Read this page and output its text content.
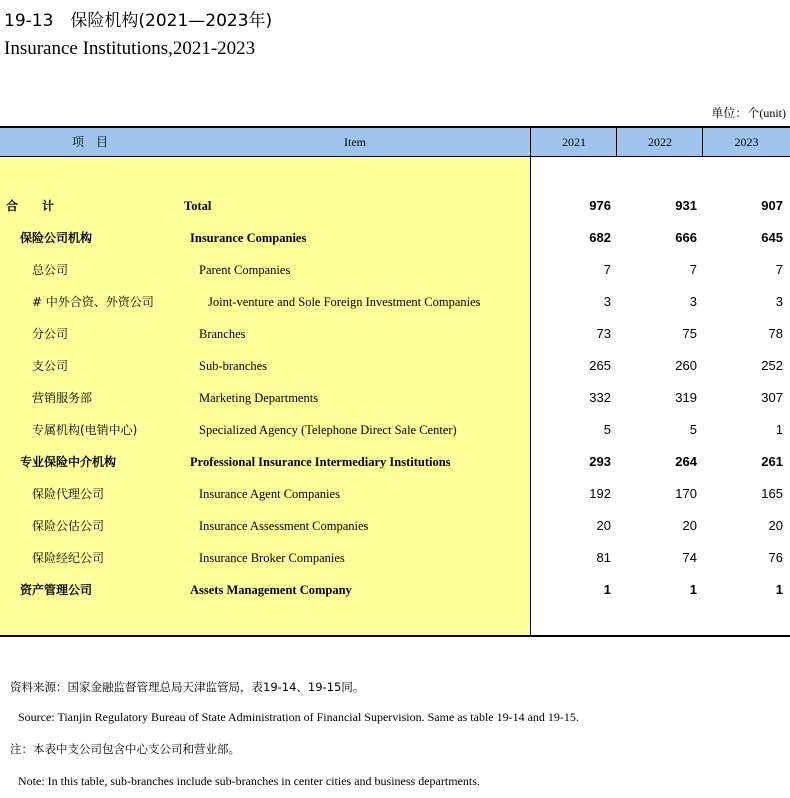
19-13　保险机构(2021—2023年)
Insurance Institutions,2021-2023
单位：个(unit)
项　目	Item	2021	2022	2023
合　　计	Total	976	931	907
保险公司机构	Insurance Companies	682	666	645
总公司	Parent Companies	7	7	7
# 中外合资、外资公司	Joint-venture and Sole Foreign Investment Companies	3	3	3
分公司	Branches	73	75	78
支公司	Sub-branches	265	260	252
营销服务部	Marketing Departments	332	319	307
专属机构(电销中心)	Specialized Agency (Telephone Direct Sale Center)	5	5	1
专业保险中介机构	Professional Insurance Intermediary Institutions	293	264	261
保险代理公司	Insurance Agent Companies	192	170	165
保险公估公司	Insurance Assessment Companies	20	20	20
保险经纪公司	Insurance Broker Companies	81	74	76
资产管理公司	Assets Management Company	1	1	1
资料来源：国家金融监督管理总局天津监管局，表19-14、19-15同。
Source: Tianjin Regulatory Bureau of State Administration of Financial Supervision. Same as table 19-14 and 19-15.
注：本表中支公司包含中心支公司和营业部。
Note: In this table, sub-branches include sub-branches in center cities and business departments.
